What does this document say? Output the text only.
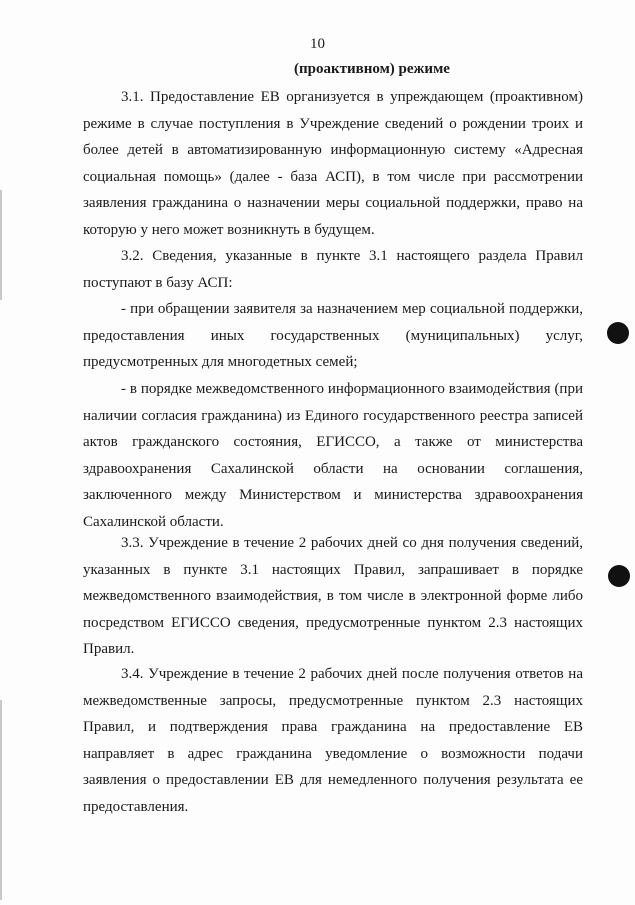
10
(проактивном) режиме

3.1. Предоставление ЕВ организуется в упреждающем (проактивном) режиме в случае поступления в Учреждение сведений о рождении троих и более детей в автоматизированную информационную систему «Адресная социальная помощь» (далее - база АСП), в том числе при рассмотрении заявления гражданина о назначении меры социальной поддержки, право на которую у него может возникнуть в будущем.

3.2. Сведения, указанные в пункте 3.1 настоящего раздела Правил поступают в базу АСП:

- при обращении заявителя за назначением мер социальной поддержки, предоставления иных государственных (муниципальных) услуг, предусмотренных для многодетных семей;

- в порядке межведомственного информационного взаимодействия (при наличии согласия гражданина) из Единого государственного реестра записей актов гражданского состояния, ЕГИССО, а также от министерства здравоохранения Сахалинской области на основании соглашения, заключенного между Министерством и министерства здравоохранения Сахалинской области.

3.3. Учреждение в течение 2 рабочих дней со дня получения сведений, указанных в пункте 3.1 настоящих Правил, запрашивает в порядке межведомственного взаимодействия, в том числе в электронной форме либо посредством ЕГИССО сведения, предусмотренные пунктом 2.3 настоящих Правил.

3.4. Учреждение в течение 2 рабочих дней после получения ответов на межведомственные запросы, предусмотренные пунктом 2.3 настоящих Правил, и подтверждения права гражданина на предоставление ЕВ направляет в адрес гражданина уведомление о возможности подачи заявления о предоставлении ЕВ для немедленного получения результата ее предоставления.
